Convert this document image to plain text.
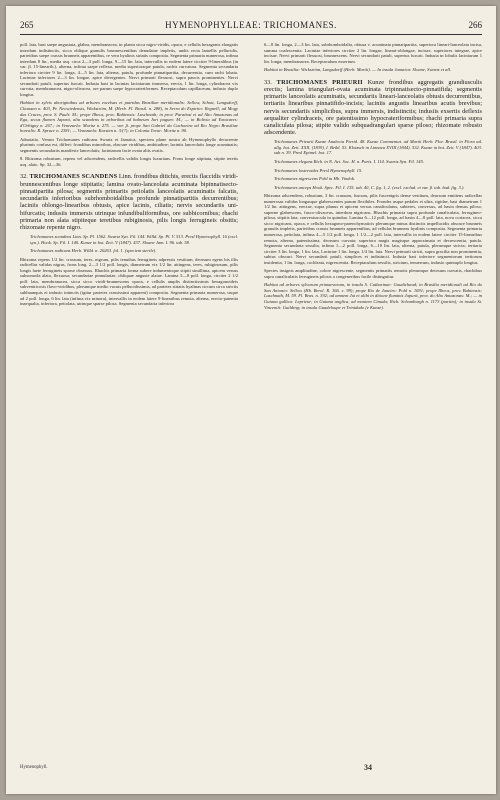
265	HYMENOPHYLLEAE: TRICHOMANES.	266

poll. lata, basi saepe angustata, glabra, membranacea, in planta sicca nigro-viridis, opaca, e cellulis hexagonis elongatis interdum indistinctis, sicca oblique granulis brunnescentibus denudatae impletis, undis recta lamellis pellucidis, parietibus saepe crassis brunneis apparentibus, re vera hyalinis striatis composita. Segmenta primaria numerosa, infima interdum 8 lin., media usq. circa 2—3 poll. longa, 9—15 lin. lata, intervallis in eodem latere circiter 9-lineralibus (in var. β. 15-linearib.), alterna, infima saepe reflexa, media superioraque patula, rachis curvatura. Segmenta secundaria inferiora circiter 9 lin. longa, 4—5 lin. lata, alterna, patula, profunde pinnatipartita, decurrentia, cum rachi lobata. Laciniae inferiores 2—3 lin. longae, apice divergentes. Nervi primarii flexuosi, supra paucis prominentes. Nervi secundarii patuli, superius furcati. Indusia basi in lacinias laciniarum immersa, erecta, 1 lin. longa, cylindracea vix curvata, membranacea, nigro-olivacea, ore parum saepe hypocrateriformes. Receptaculum capillaceum, indusio duplo longius.

Habitat in sylvis aboriginibus ad arbores excelsas et putridas Brasiliae meridionalis: Sellow, Schott, Langsdorff, Claussen n. 403, Pr. Neowiedensis, Wickström, M. (Herb. Fl. Brasil. n. 288), in Serra do Espirito: Regnell; ad Mogy das Cruces, prov. S. Pauli: M.; prope Ilheos, prov. Bahiensis: Luschnath; in prov. Paraënsi et ad Alto Amazonas ad Ega, secus flumen Japurá, alia scandens in arboribus ad balneum Juri pagum: M.; — in Bolivia ad Yuracares: d'Orbigny n. 267.; in Venezuela: Moritz n. 275. — var. β. prope San Gabriel da Cachoeira ad Rio Negro Brasiliae borealis: R. Spruce n. 2381; — Venezuela: Karsten n. 3/(?); in Colonia Tovar: Moritz n. 90.

Adnotatio. Verum Trichomanes radicans Swartz et Jamaica, speciem plane nostra ab Hymenophyllo decurrente plurimis confusa est, differt: frondibus minoribus, obscure viridibus, ambitudine; laciniis lanceolatis longe acuminatis; segmentis secundariis manifeste lanceolatis; laciniarum facie ovata aliis ovatis.

8. Rhizoma robustum, repens vel adscendens, radicellis validis longis luxurians. Frons longe stipitata, stipite teretis usq. alato. Sp. 32—36.

32. TRICHOMANES SCANDENS Linn. frondibus ditichis, erectis flaccidis viridi-brunnescentibus longe stipitatis; lamina ovato-lanceolata acuminata bipinnatisecto-pinnatipartita pilosa; segmentis primariis petiolatis lanceolatis acuminatis falcatis, secundariis inferioribus subrhomboidalibus profunde pinnatipartitis decurrentibus; laciniis oblongo-linearibus obtusis, apice lacinis, ciliatis; nervis secundariis uni-bifurcatis; indusiis immersis utrinque infundibuliformibus, ore subbicornibus; rhachi primaria non alata stipiteque teretibus rubiginosis, pilis longis ferrugineis obsitis; rhizomate repente nigro.

Trichomanes scandens Linn. Sp. Pl. 1562. Swartz Syn. Fil. 144. Willd. Sp. Pl. V. 513. Presl Hymenophyll. 16 (excl. syn.). Hook. Sp. Fil. I. 140. Kunze in bot. Zeit. V (1847). 437. Sloane Jam. I. 96. tab. 58.

Trichomanes radicans Herb. Willd. n. 20263. fol. 1. (speciem sterile).

Rhizoma repens 1/2 lin. crassum, teres, nigrum, pilis tenuibus ferrugineis adpressis vestitum, deorsum egens bis illis radicellas validas nigras, frons long. 2—3 1/2 poll. longis, diametrum vix 1/2 lin. attingens, teres, rubiginosum, pilis longis laete ferrugineis sparse obsessus. Rhachis primaria forma subere indumentoque stipiti simillima, apicem versus subsomoda alata, flexuosa; secundariae pinnulariae, obliquae anguste alatae. Lamina 5—8 poll. longa, circiter 2 1/2 poll. lata, membranacea, sicca sicco viridi-brunnescens opaca, e cellulis amplis distinctissimis hexagonoideis subventricosis flavo-viridibus, plerumque medio vacuis pellucidissimis, ad parietes striatis hyalinas circum circa strictis subhuanquis et indusio intinctis (igitur parietes crassissimi apparent) composita. Segmenta primaria numerosa, usque ad 2 poll. longa, 6 lin. lata (infima vix minora), intervallis in eodem latere 9-linearibus remota, alterna, erecto-patentia inaequalia, inferiora, petiolata, utrinque sparse pilosa. Segmenta secundaria inferiora

6—8 lin. longa, 2—3 lin. lata, subrhomboidalia, obtusa v. acuminata pinnatipartita, superiora lineari-lanceolata incisa, summa coalescentia. Laciniae inferiores circiter 2 lin. longae, lineari-oblongae, incisae, superiores integrae, apice incisae. Nervi primarii flexuosi, brunnescens. Nervi secundarii patuli, superius furcati. Indusia in lobulis laciniarum 1 lin. longa, membranacea. Receptaculum exsertum.

Habitat in Brasilia: Wickström, Langsdorff (Herb. Martii). — In insula Jamaica: Sloane, Swartz et all.

33. TRICHOMANES PRIEURII Kunze frondibus aggregatis grandiusculis erectis; lamina triangulari-ovata acuminata tripinnatisecto-pinnatifida; segmentis primariis lanceolatis acuminatis, secundariis lineari-lanceolatis obtusis decurrentibus, tertiariis linearibus pinnatifido-incisis; laciniis angustis linearibus acutis brevibus; nervis secundariis simplicibus, supra immersis, indistinctis; indusiis exsertis deflexis aequaliter cylindraceis, ore patentissimo hypocrateriformibus; rhachi primaria supra canaliculata pilosa; stipite valido subquadrangulari sparse piloso; rhizomate robusto adscendente.

Trichomanes Prieurii Kunze Analecta Pterid. 48. Kunze Commentat. ad Martii Herb. Flor. Brasil. in Flora ad. allg. bot. Zeit. XXII. (1839), I. Beibl. 53. Klotzsch in Linnaea XVIII (1844). 532. Kunze in bot. Zeit. V (1847). 403. sub n. 39. Presl Epimel. bot. 17.

Trichomanes elegans Rich. in N. Act. Soc. H. n. Paris. I. 114. Swartz Syn. Fil. 145.

Trichomanes lostreoides Presl Hymenophyll. 15.

Trichomanes nigrescens Pohl in Hb. Vindob.

Trichomanes anceps Hook. Spec. Fil. I. 135. tab. 40, C. fig. 1, 2. (excl. exclud. et var. β. tab. bad. fig. 3.).

Rhizoma adscendens, robustum, 3 lin. crassum, fuscum, pilis fuscenigris dense vestitum, deorsum emittens radicellas numerosas validas longasque glabrescentes parum flexibiles. Frondes usque pedales et ultra, rigidae, basi diametrum 1 1/2 lin. attingens, erectae, supra planus et apicem versus canaliculatus, subteres, convexus, ad basin densus piloso, superne glabrescens, fusco-olivaceus, interdum nigricans. Rhachis primaria supra profunde canaliculata, ferrugineo-pilosa, stipitis lata, convexiuscula in quindua. Lamina 6—12 poll. longa, ad basin 4—8 poll. lata, nova coriacea, sicca sicco nigricans, opaca, e cellulis hexagono-parenchymaticis plerumque minus distinctis impellucidis obscure brunneis granulis impletis, parietibus crassis brunneis apparentibus, ad cellulas brunneas hyalinis composita. Segmenta primaria numerosa, petiolata, infima 4—5 1/2 poll. longa, 1 1/2—2 poll. lata, intervallis in eodem latere circiter 15-linearibus remota, alterna, patentissima, deorsum curvata; superiora magis magisque approximata et decrescentia, patula. Segmenta secundaria sessilia, infima 1—2 poll. longa, 6—10 lin. lata, alterna, patula, plerumque stricta; tertiaria circiter 3 lin. longa, 1 lin. lata, Laciniae 1 lin. longa, 1/4 lin. lata. Nervi primarii stricti, supra gracilia non prominentia, subtus obscuri. Nervi secundarii patuli, simplices et indistincti. Indusia basi inferiore segmentorum tertiorum insidentia, 1 lin. longa, cochleata, nigrescentia. Receptaculum sessilis, strictum, tenuerrum, indusio quintuplo longius.

Species insignis amplitudine, colore nigrescente, segmentis primariis remotis plerumque deorsum curvatis, rhachibus supra canaliculatis ferrugineis pilosis a congeneribus facile distinguitur.

Habitat ad arbores sylvarum primaevarum, in insula S. Catharinae: Gaudichaud; in Brasilia meridionali ad Rio do San Antonio: Sellow (Hb. Berol. R. 166. c. 99); prope Rio de Janeiro: Pohl n. 1691; prope Ilheos, prov. Bahiensis: Luschnath, M. 59. Fl. Bras. n. 392; ad amnem Jui et alibi in ditione fluminis Japurá, prov. do Alto Amazonas: M.; — in Guiana gallica: Leprieur; in Guiana anglica, ad montem Cinuda; Rich. Schomburgh n. 1173 (partim); in insula St. Vincentii: Guilding; in insula Guadeloupe et Trinidado (e Kunze).

Hymenophyll.	34
